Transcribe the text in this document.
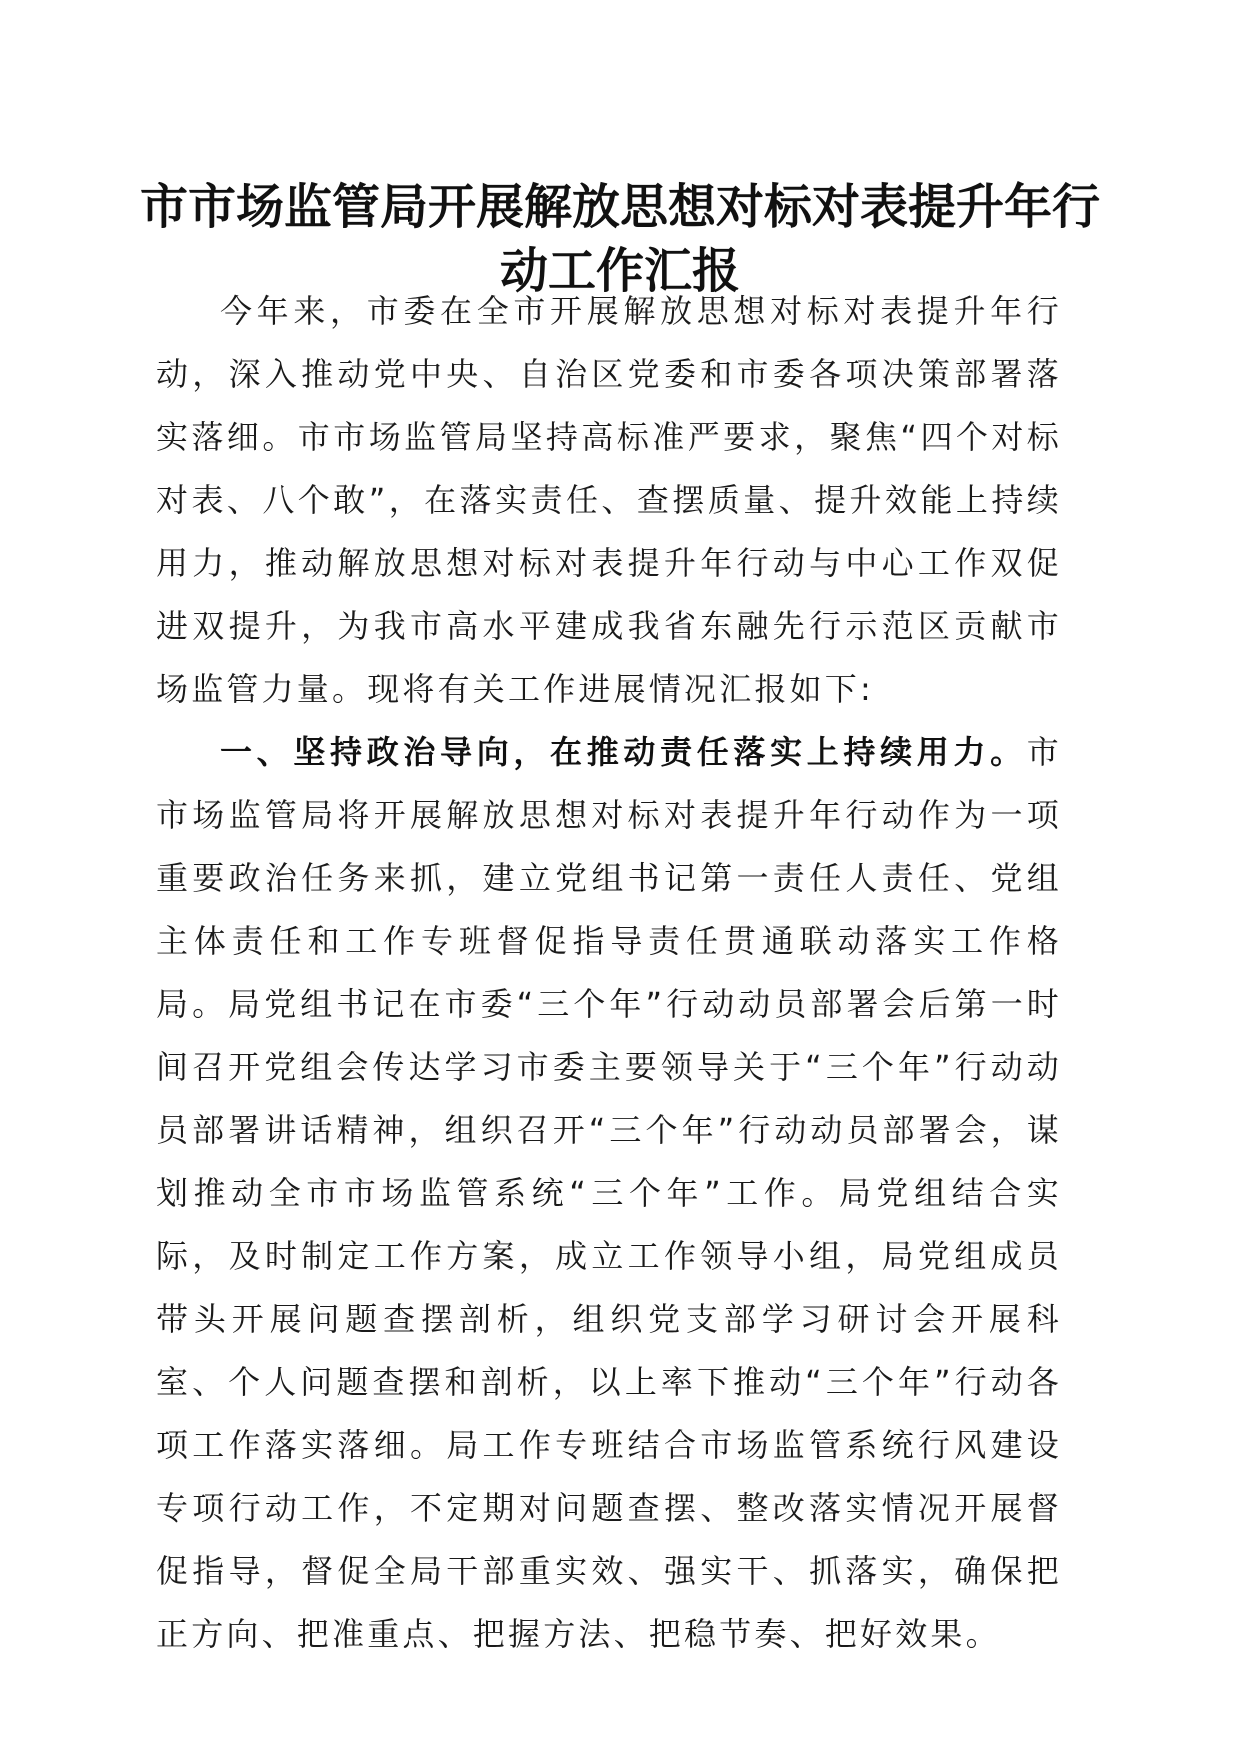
市市场监管局开展解放思想对标对表提升年行动工作汇报

今年来，市委在全市开展解放思想对标对表提升年行动，深入推动党中央、自治区党委和市委各项决策部署落实落细。市市场监管局坚持高标准严要求，聚焦“四个对标对表、八个敢”，在落实责任、查摆质量、提升效能上持续用力，推动解放思想对标对表提升年行动与中心工作双促进双提升，为我市高水平建成我省东融先行示范区贡献市场监管力量。现将有关工作进展情况汇报如下:

一、坚持政治导向，在推动责任落实上持续用力。市市场监管局将开展解放思想对标对表提升年行动作为一项重要政治任务来抓，建立党组书记第一责任人责任、党组主体责任和工作专班督促指导责任贯通联动落实工作格局。局党组书记在市委“三个年”行动动员部署会后第一时间召开党组会传达学习市委主要领导关于“三个年”行动动员部署讲话精神，组织召开“三个年”行动动员部署会，谋划推动全市市场监管系统“三个年”工作。局党组结合实际，及时制定工作方案，成立工作领导小组，局党组成员带头开展问题查摆剖析，组织党支部学习研讨会开展科室、个人问题查摆和剖析，以上率下推动“三个年”行动各项工作落实落细。局工作专班结合市场监管系统行风建设专项行动工作，不定期对问题查摆、整改落实情况开展督促指导，督促全局干部重实效、强实干、抓落实，确保把正方向、把准重点、把握方法、把稳节奏、把好效果。
